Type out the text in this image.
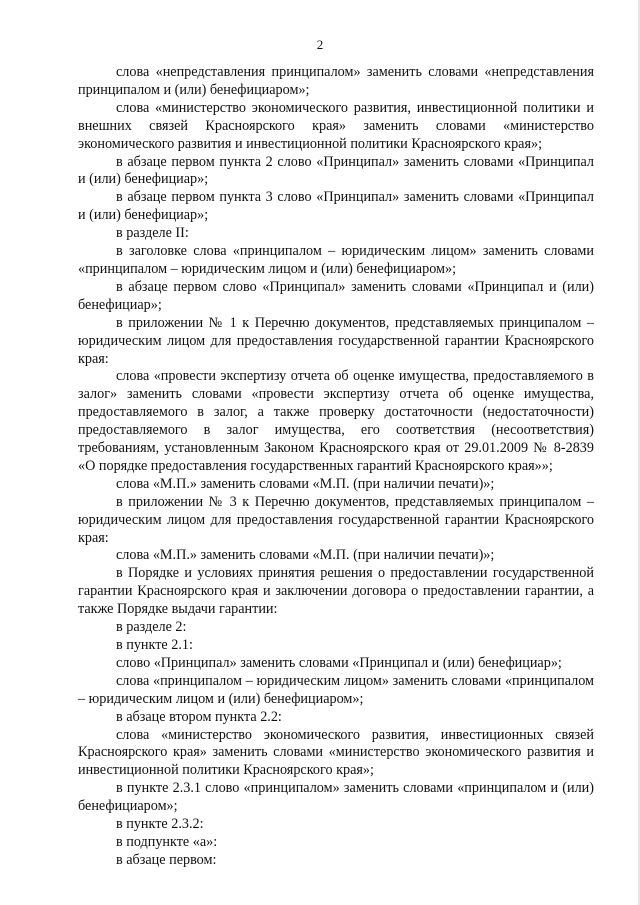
2

слова «непредставления принципалом» заменить словами «непредставления принципалом и (или) бенефициаром»;

слова «министерство экономического развития, инвестиционной политики и внешних связей Красноярского края» заменить словами «министерство экономического развития и инвестиционной политики Красноярского края»;

в абзаце первом пункта 2 слово «Принципал» заменить словами «Принципал и (или) бенефициар»;

в абзаце первом пункта 3 слово «Принципал» заменить словами «Принципал и (или) бенефициар»;

в разделе II:

в заголовке слова «принципалом – юридическим лицом» заменить словами «принципалом – юридическим лицом и (или) бенефициаром»;

в абзаце первом слово «Принципал» заменить словами «Принципал и (или) бенефициар»;

в приложении № 1 к Перечню документов, представляемых принципалом – юридическим лицом для предоставления государственной гарантии Красноярского края:

слова «провести экспертизу отчета об оценке имущества, предоставляемого в залог» заменить словами «провести экспертизу отчета об оценке имущества, предоставляемого в залог, а также проверку достаточности (недостаточности) предоставляемого в залог имущества, его соответствия (несоответствия) требованиям, установленным Законом Красноярского края от 29.01.2009 № 8-2839 «О порядке предоставления государственных гарантий Красноярского края»»;

слова «М.П.» заменить словами «М.П. (при наличии печати)»;

в приложении № 3 к Перечню документов, представляемых принципалом – юридическим лицом для предоставления государственной гарантии Красноярского края:

слова «М.П.» заменить словами «М.П. (при наличии печати)»;

в Порядке и условиях принятия решения о предоставлении государственной гарантии Красноярского края и заключении договора о предоставлении гарантии, а также Порядке выдачи гарантии:

в разделе 2:

в пункте 2.1:

слово «Принципал» заменить словами «Принципал и (или) бенефициар»;

слова «принципалом – юридическим лицом» заменить словами «принципалом – юридическим лицом и (или) бенефициаром»;

в абзаце втором пункта 2.2:

слова «министерство экономического развития, инвестиционных связей Красноярского края» заменить словами «министерство экономического развития и инвестиционной политики Красноярского края»;

в пункте 2.3.1 слово «принципалом» заменить словами «принципалом и (или) бенефициаром»;

в пункте 2.3.2:

в подпункте «а»:

в абзаце первом:
